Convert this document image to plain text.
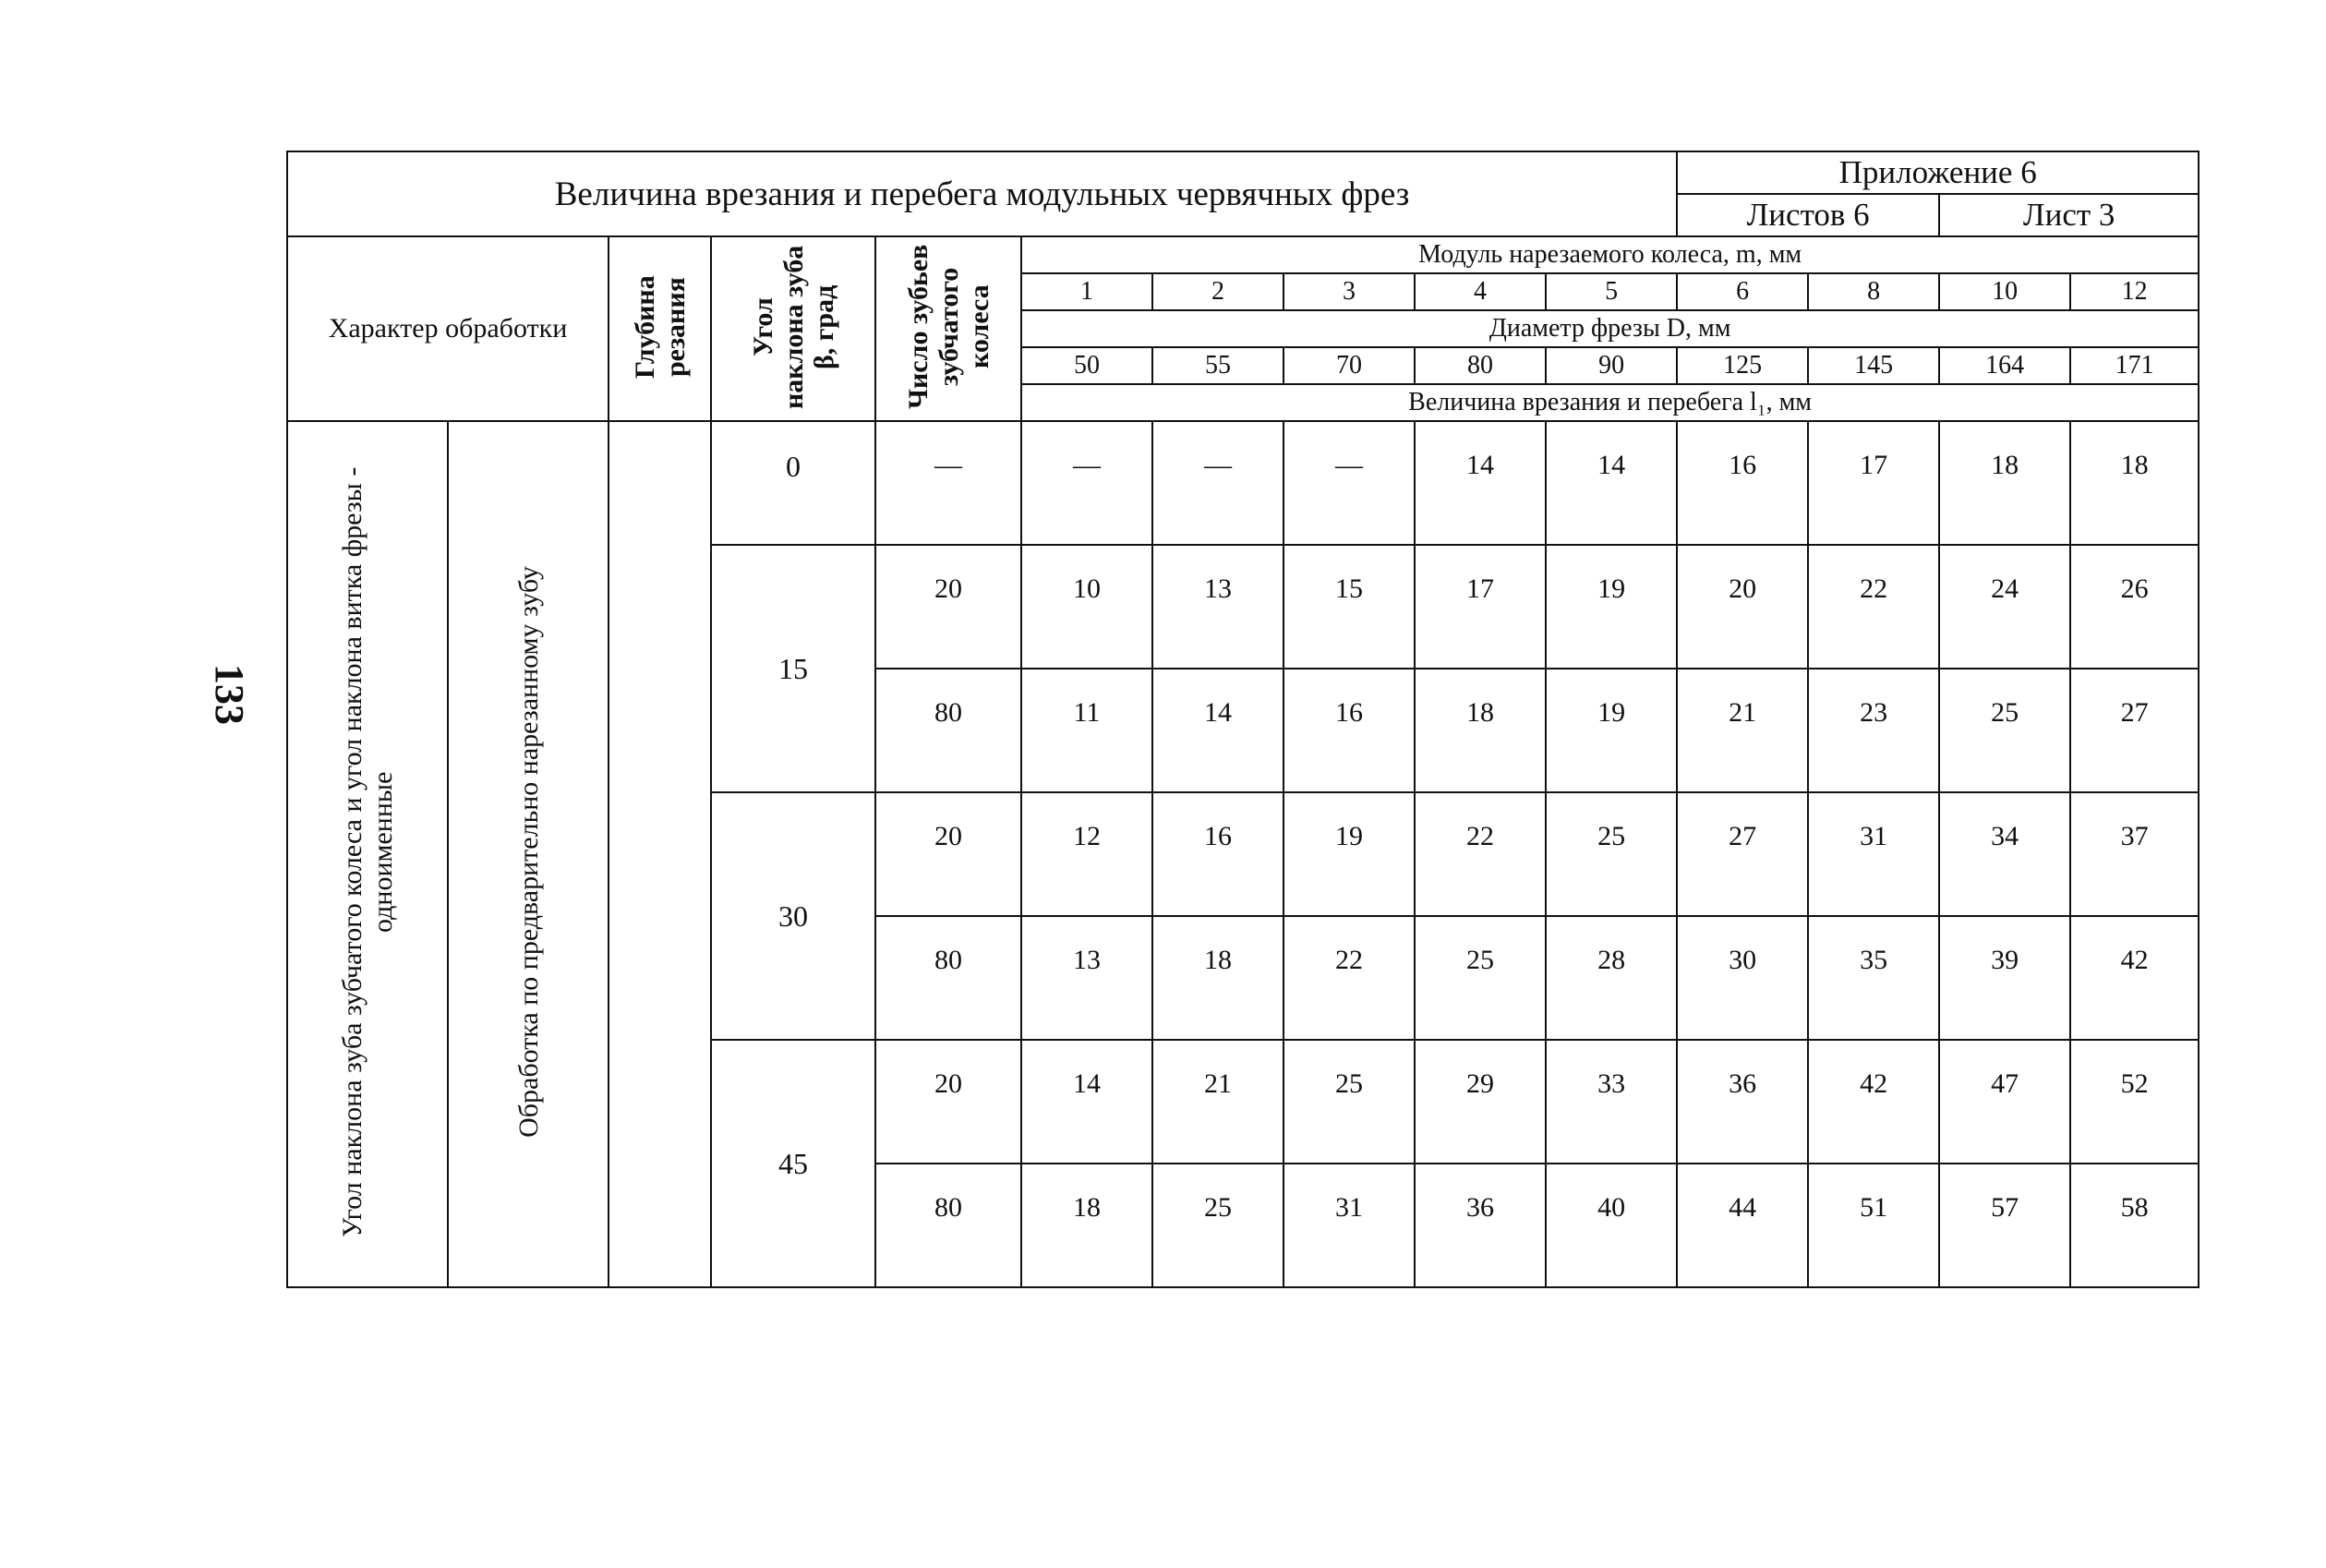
133
Величина врезания и перебега модульных червячных фрез										Приложение 6			
										Листов 6		Лист 3	
Характер обработки		Глубина резания	Угол наклона зуба β, град	Число зубьев зубчатого колеса	Модуль нарезаемого колеса, m, мм								
					1	2	3	4	5	6	8	10	12
					Диаметр фрезы D, мм								
					50	55	70	80	90	125	145	164	171
					Величина врезания и перебега l₁, мм								
Угол наклона зуба зубчатого колеса и угол наклона витка фрезы - одноименные	Обработка по предварительно нарезанному зубу		0	—	—	—	—	14	14	16	17	18	18
			15	20	10	13	15	17	19	20	22	24	26
				80	11	14	16	18	19	21	23	25	27
			30	20	12	16	19	22	25	27	31	34	37
				80	13	18	22	25	28	30	35	39	42
			45	20	14	21	25	29	33	36	42	47	52
				80	18	25	31	36	40	44	51	57	58
